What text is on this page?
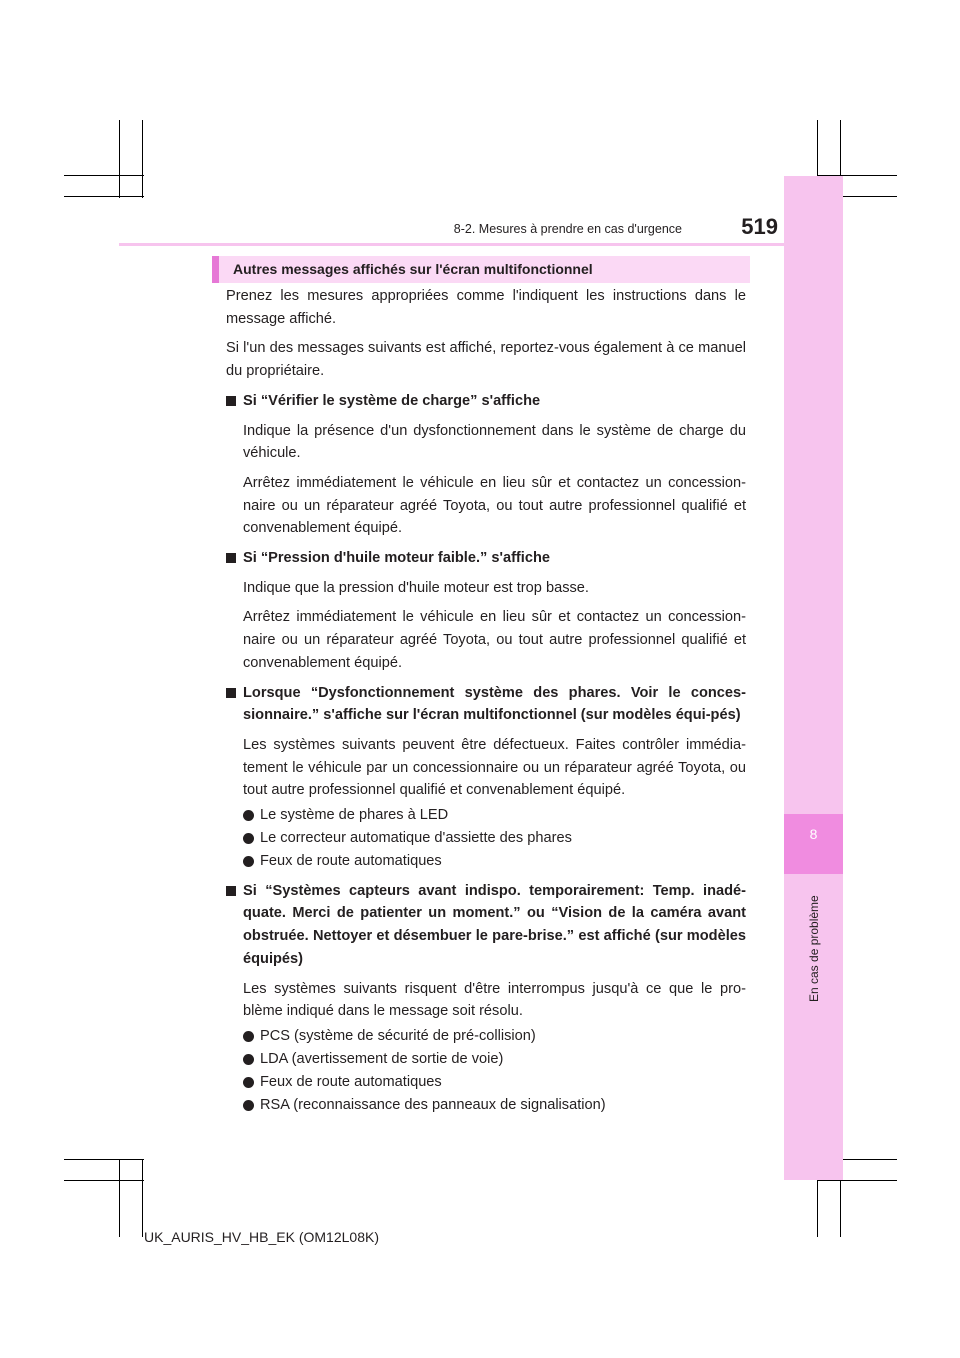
8
En cas de problème
8-2. Mesures à prendre en cas d'urgence	519
Autres messages affichés sur l'écran multifonctionnel

Prenez les mesures appropriées comme l'indiquent les instructions dans le message affiché.

Si l'un des messages suivants est affiché, reportez-vous également à ce manuel du propriétaire.

Si “Vérifier le système de charge” s'affiche

Indique la présence d'un dysfonctionnement dans le système de charge du véhicule.

Arrêtez immédiatement le véhicule en lieu sûr et contactez un concession-naire ou un réparateur agréé Toyota, ou tout autre professionnel qualifié et convenablement équipé.

Si “Pression d'huile moteur faible.” s'affiche

Indique que la pression d'huile moteur est trop basse.

Arrêtez immédiatement le véhicule en lieu sûr et contactez un concession-naire ou un réparateur agréé Toyota, ou tout autre professionnel qualifié et convenablement équipé.

Lorsque “Dysfonctionnement système des phares. Voir le conces-sionnaire.” s'affiche sur l'écran multifonctionnel (sur modèles équi-pés)

Les systèmes suivants peuvent être défectueux. Faites contrôler immédia-tement le véhicule par un concessionnaire ou un réparateur agréé Toyota, ou tout autre professionnel qualifié et convenablement équipé.

Le système de phares à LED
Le correcteur automatique d'assiette des phares
Feux de route automatiques
Si “Systèmes capteurs avant indispo. temporairement: Temp. inadé-quate. Merci de patienter un moment.” ou “Vision de la caméra avant obstruée. Nettoyer et désembuer le pare-brise.” est affiché (sur modèles équipés)

Les systèmes suivants risquent d'être interrompus jusqu'à ce que le pro-blème indiqué dans le message soit résolu.

PCS (système de sécurité de pré-collision)
LDA (avertissement de sortie de voie)
Feux de route automatiques
RSA (reconnaissance des panneaux de signalisation)
UK_AURIS_HV_HB_EK (OM12L08K)
